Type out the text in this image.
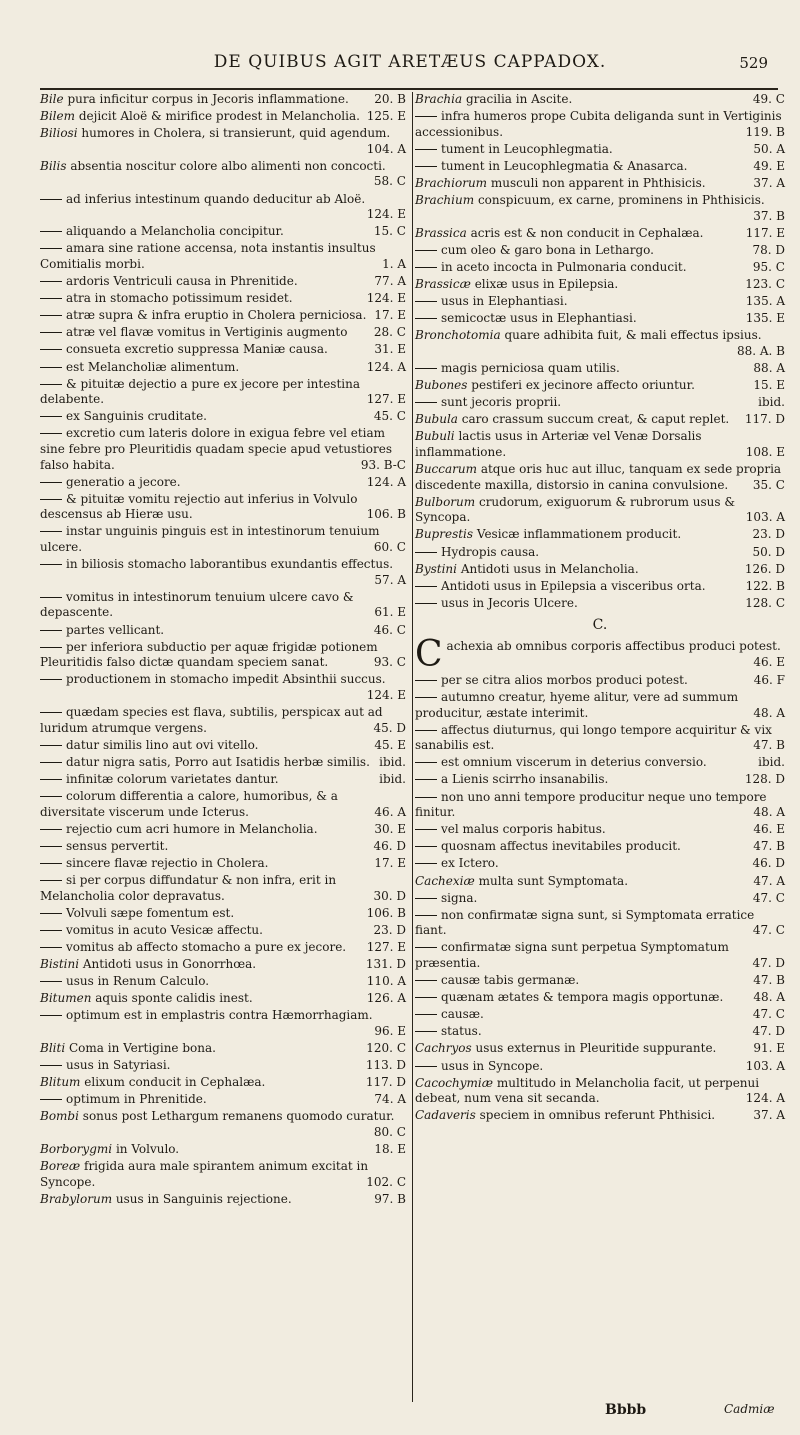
DE QUIBUS AGIT ARETÆUS CAPPADOX.	529
Bile pura inficitur corpus in Jecoris inflammatione.	20. B
Bilem dejicit Aloë & mirifice prodest in Melancholia. 125. E
Biliosi humores in Cholera, si transierunt, quid agendum.
104. A
Bilis absentia noscitur colore albo alimenti non concocti.
58. C
ad inferius intestinum quando deducitur ab Aloë.
124. E
aliquando a Melancholia concipitur.	15. C
amara sine ratione accensa, nota instantis insultus Comitialis morbi.	1. A
ardoris Ventriculi causa in Phrenitide.	77. A
atra in stomacho potissimum residet.	124. E
atræ supra & infra eruptio in Cholera perniciosa. 17. E
atræ vel flavæ vomitus in Vertiginis augmento	28. C
consueta excretio suppressa Maniæ causa.	31. E
est Melancholiæ alimentum.	124. A
& pituitæ dejectio a pure ex jecore per intestina delabente.	127. E
ex Sanguinis cruditate.	45. C
excretio cum lateris dolore in exigua febre vel etiam sine febre pro Pleuritidis quadam specie apud vetustiores falso habita.	93. B-C
generatio a jecore.	124. A
& pituitæ vomitu rejectio aut inferius in Volvulo descensus ab Hieræ usu.	106. B
instar unguinis pinguis est in intestinorum tenuium ulcere.	60. C
in biliosis stomacho laborantibus exundantis effectus.
57. A
vomitus in intestinorum tenuium ulcere cavo & depascente.	61. E
partes vellicant.	46. C
per inferiora subductio per aquæ frigidæ potionem Pleuritidis falso dictæ quandam speciem sanat.	93. C
productionem in stomacho impedit Absinthii succus.
124. E
quædam species est flava, subtilis, perspicax aut ad luridum atrumque vergens.	45. D
datur similis lino aut ovi vitello.	45. E
datur nigra satis, Porro aut Isatidis herbæ similis. ibid.
infinitæ colorum varietates dantur.	ibid.
colorum differentia a calore, humoribus, & a diversitate viscerum unde Icterus.	46. A
rejectio cum acri humore in Melancholia.	30. E
sensus pervertit.	46. D
sincere flavæ rejectio in Cholera.	17. E
si per corpus diffundatur & non infra, erit in Melancholia color depravatus.	30. D
Volvuli sæpe fomentum est.	106. B
vomitus in acuto Vesicæ affectu.	23. D
vomitus ab affecto stomacho a pure ex jecore.	127. E
Bistini Antidoti usus in Gonorrhœa.	131. D
usus in Renum Calculo.	110. A
Bitumen aquis sponte calidis inest.	126. A
optimum est in emplastris contra Hæmorrhagiam.
96. E
Bliti Coma in Vertigine bona.	120. C
usus in Satyriasi.	113. D
Blitum elixum conducit in Cephalæa.	117. D
optimum in Phrenitide.	74. A
Bombi sonus post Lethargum remanens quomodo curatur.
80. C
Borborygmi in Volvulo.	18. E
Boreæ frigida aura male spirantem animum excitat in Syncope.	102. C
Brabylorum usus in Sanguinis rejectione.	97. B
Brachia gracilia in Ascite.	49. C
infra humeros prope Cubita deliganda sunt in Vertiginis accessionibus.	119. B
tument in Leucophlegmatia.	50. A
tument in Leucophlegmatia & Anasarca.	49. E
Brachiorum musculi non apparent in Phthisicis.	37. A
Brachium conspicuum, ex carne, prominens in Phthisicis.
37. B
Brassica acris est & non conducit in Cephalæa.	117. E
cum oleo & garo bona in Lethargo.	78. D
in aceto incocta in Pulmonaria conducit.	95. C
Brassicæ elixæ usus in Epilepsia.	123. C
usus in Elephantiasi.	135. A
semicoctæ usus in Elephantiasi.	135. E
Bronchotomia quare adhibita fuit, & mali effectus ipsius.
88. A. B
magis perniciosa quam utilis.	88. A
Bubones pestiferi ex jecinore affecto oriuntur.	15. E
sunt jecoris proprii.	ibid.
Bubula caro crassum succum creat, & caput replet.	117. D
Bubuli lactis usus in Arteriæ vel Venæ Dorsalis inflammatione.	108. E
Buccarum atque oris huc aut illuc, tanquam ex sede propria discedente maxilla, distorsio in canina convulsione.	35. C
Bulborum crudorum, exiguorum & rubrorum usus & Syncopa.	103. A
Buprestis Vesicæ inflammationem producit.	23. D
Hydropis causa.	50. D
Bystini Antidoti usus in Melancholia.	126. D
Antidoti usus in Epilepsia a visceribus orta.	122. B
usus in Jecoris Ulcere.	128. C
C.
C achexia ab omnibus corporis affectibus produci potest.
46. E
per se citra alios morbos produci potest.	46. F
autumno creatur, hyeme alitur, vere ad summum producitur, æstate interimit.	48. A
affectus diuturnus, qui longo tempore acquiritur & vix sanabilis est.	47. B
est omnium viscerum in deterius conversio.	ibid.
a Lienis scirrho insanabilis.	128. D
non uno anni tempore producitur neque uno tempore finitur.	48. A
vel malus corporis habitus.	46. E
quosnam affectus inevitabiles producit.	47. B
ex Ictero.	46. D
Cachexiæ multa sunt Symptomata.	47. A
signa.	47. C
non confirmatæ signa sunt, si Symptomata erratice fiant.	47. C
confirmatæ signa sunt perpetua Symptomatum præsentia.	47. D
causæ tabis germanæ.	47. B
quænam ætates & tempora magis opportunæ.	48. A
causæ.	47. C
status.	47. D
Cachryos usus externus in Pleuritide suppurante.	91. E
usus in Syncope.	103. A
Cacochymiæ multitudo in Melancholia facit, ut perpenui debeat, num vena sit secanda.	124. A
Cadaveris speciem in omnibus referunt Phthisici.	37. A
Bbbb	Cadmiæ
